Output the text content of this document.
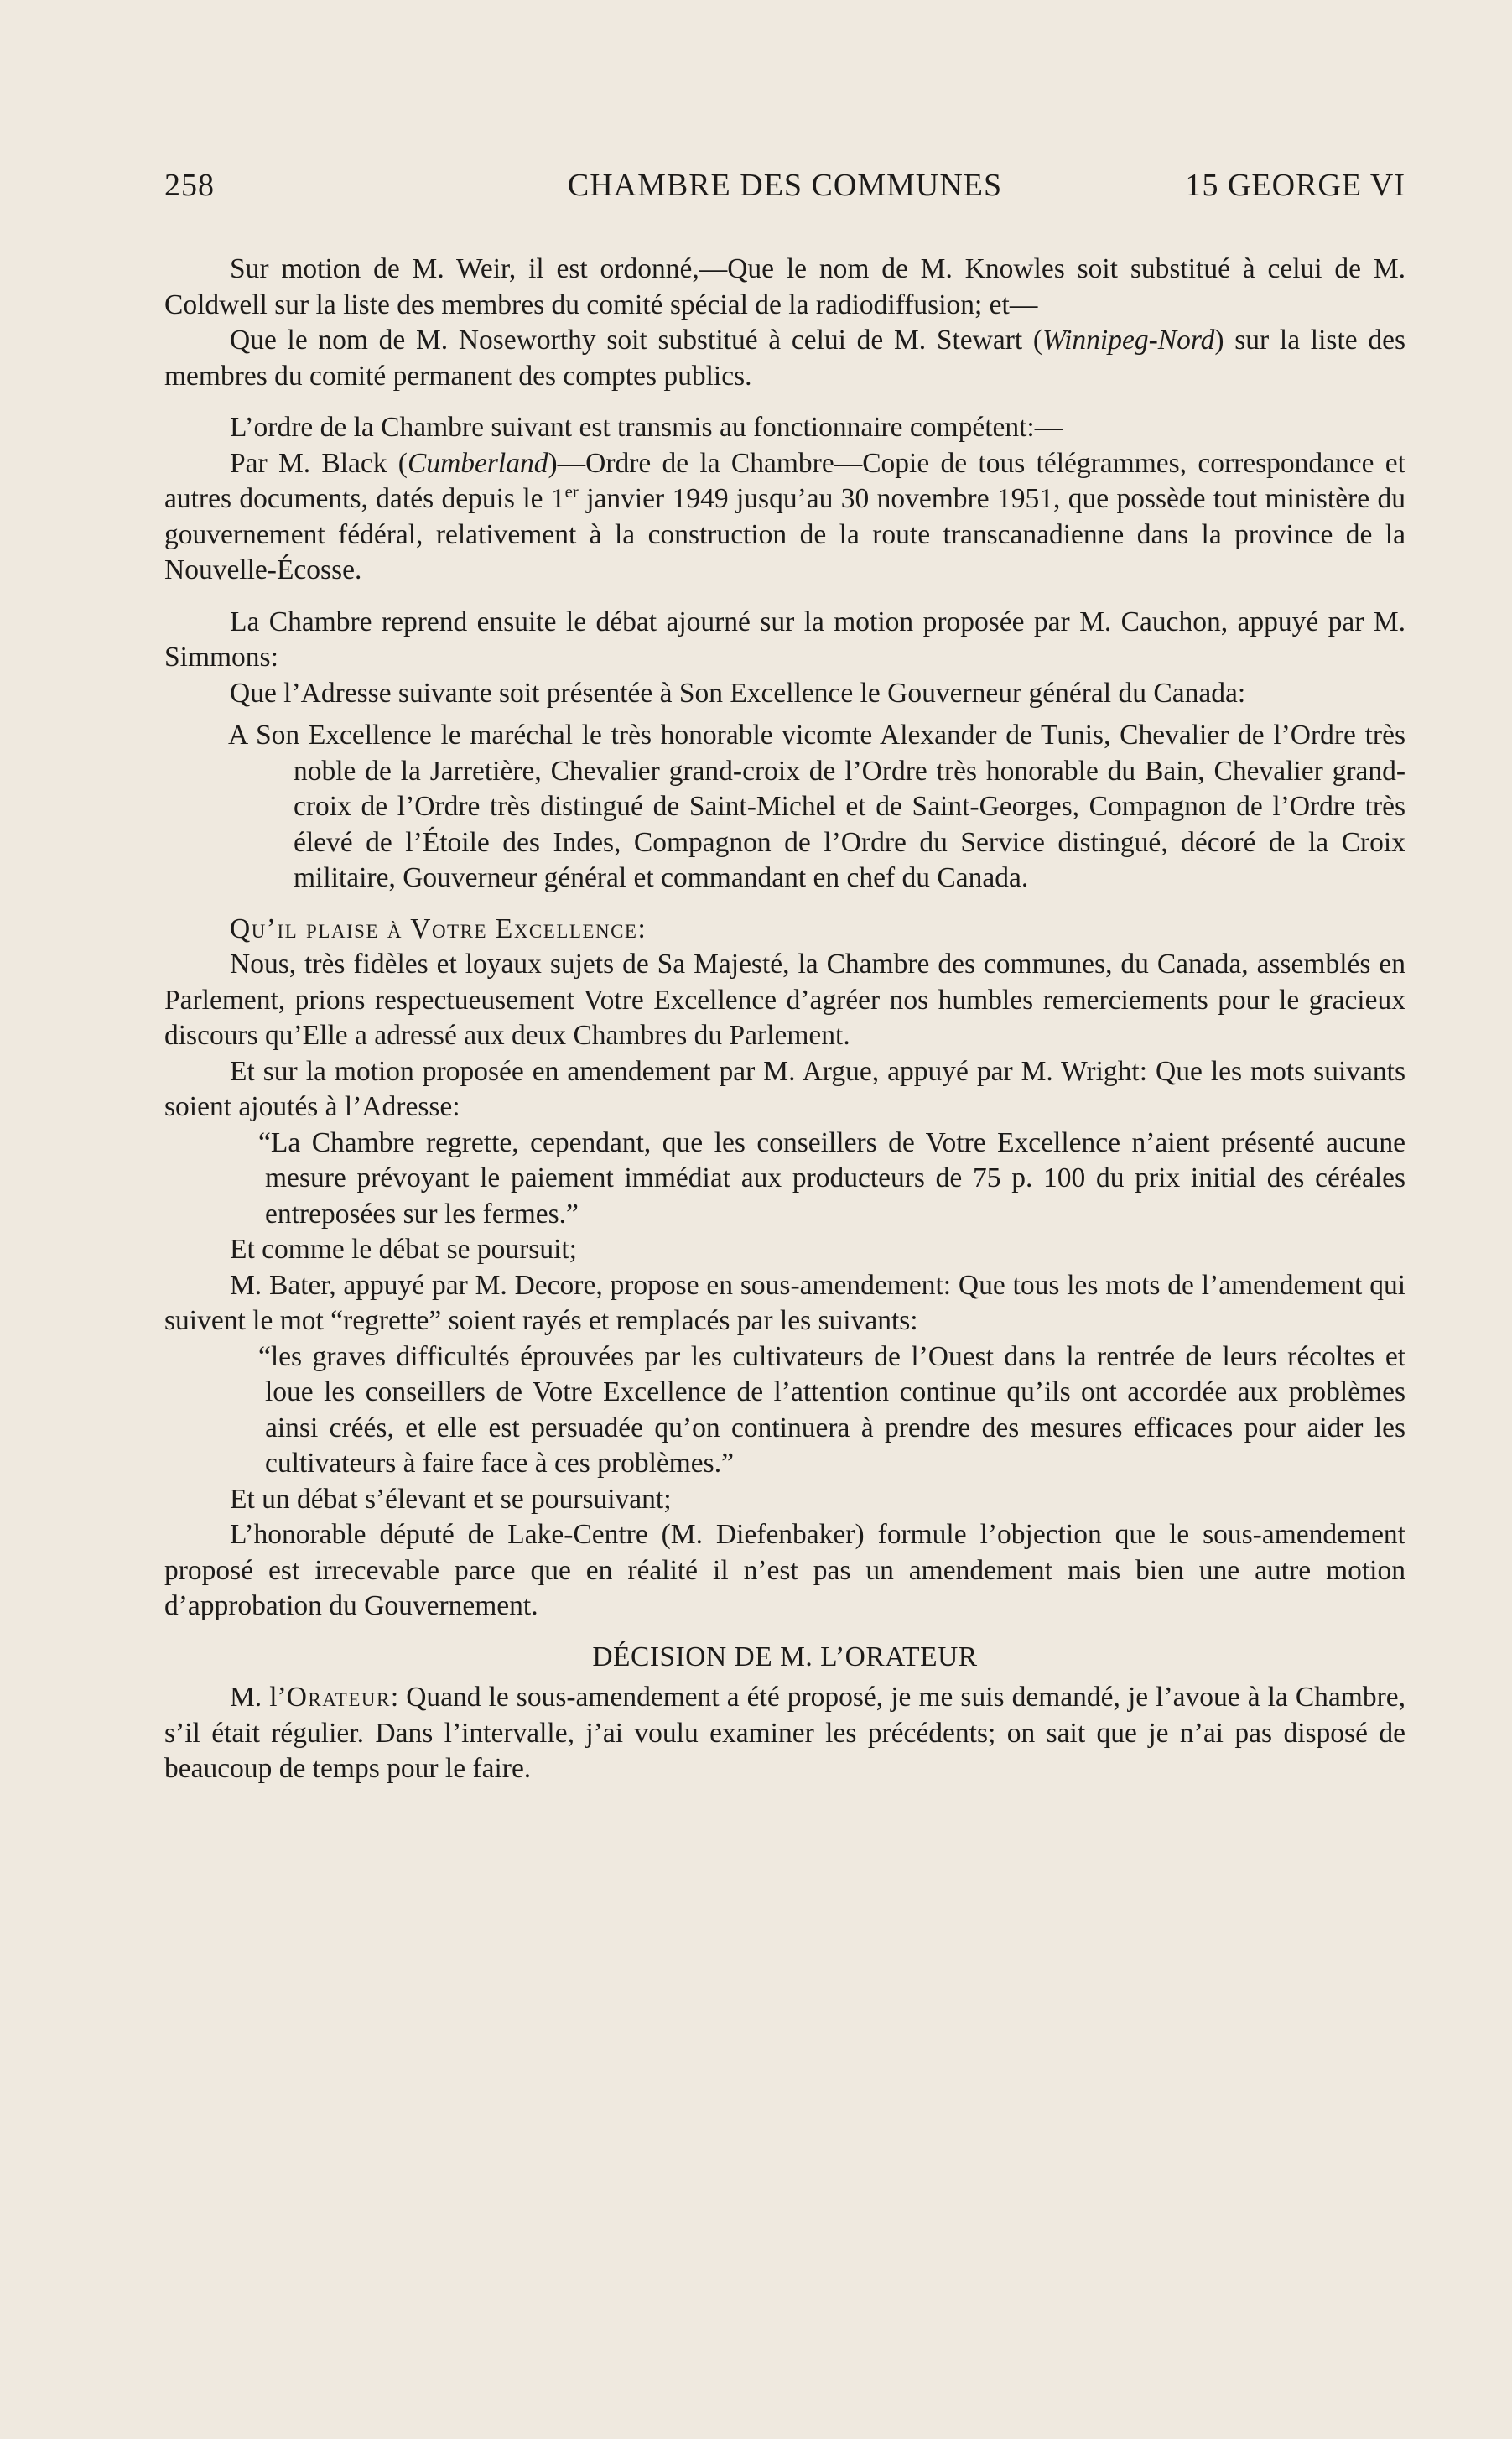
258	CHAMBRE DES COMMUNES	15 GEORGE VI

Sur motion de M. Weir, il est ordonné,—Que le nom de M. Knowles soit substitué à celui de M. Coldwell sur la liste des membres du comité spécial de la radiodiffusion; et—

Que le nom de M. Noseworthy soit substitué à celui de M. Stewart (Winnipeg-Nord) sur la liste des membres du comité permanent des comptes publics.

L’ordre de la Chambre suivant est transmis au fonctionnaire compétent:—

Par M. Black (Cumberland)—Ordre de la Chambre—Copie de tous télégrammes, correspondance et autres documents, datés depuis le 1er janvier 1949 jusqu’au 30 novembre 1951, que possède tout ministère du gouvernement fédéral, relativement à la construction de la route transcanadienne dans la province de la Nouvelle-Écosse.

La Chambre reprend ensuite le débat ajourné sur la motion proposée par M. Cauchon, appuyé par M. Simmons:

Que l’Adresse suivante soit présentée à Son Excellence le Gouverneur général du Canada:

A Son Excellence le maréchal le très honorable vicomte Alexander de Tunis, Chevalier de l’Ordre très noble de la Jarretière, Chevalier grand-croix de l’Ordre très honorable du Bain, Chevalier grand-croix de l’Ordre très distingué de Saint-Michel et de Saint-Georges, Compagnon de l’Ordre très élevé de l’Étoile des Indes, Compagnon de l’Ordre du Service distingué, décoré de la Croix militaire, Gouverneur général et commandant en chef du Canada.

Qu’il plaise à Votre Excellence:

Nous, très fidèles et loyaux sujets de Sa Majesté, la Chambre des communes, du Canada, assemblés en Parlement, prions respectueusement Votre Excellence d’agréer nos humbles remerciements pour le gracieux discours qu’Elle a adressé aux deux Chambres du Parlement.

Et sur la motion proposée en amendement par M. Argue, appuyé par M. Wright: Que les mots suivants soient ajoutés à l’Adresse:

“La Chambre regrette, cependant, que les conseillers de Votre Excellence n’aient présenté aucune mesure prévoyant le paiement immédiat aux producteurs de 75 p. 100 du prix initial des céréales entreposées sur les fermes.”

Et comme le débat se poursuit;

M. Bater, appuyé par M. Decore, propose en sous-amendement: Que tous les mots de l’amendement qui suivent le mot “regrette” soient rayés et remplacés par les suivants:

“les graves difficultés éprouvées par les cultivateurs de l’Ouest dans la rentrée de leurs récoltes et loue les conseillers de Votre Excellence de l’attention continue qu’ils ont accordée aux problèmes ainsi créés, et elle est persuadée qu’on continuera à prendre des mesures efficaces pour aider les cultivateurs à faire face à ces problèmes.”

Et un débat s’élevant et se poursuivant;

L’honorable député de Lake-Centre (M. Diefenbaker) formule l’objection que le sous-amendement proposé est irrecevable parce que en réalité il n’est pas un amendement mais bien une autre motion d’approbation du Gouvernement.

DÉCISION DE M. L’ORATEUR

M. l’Orateur: Quand le sous-amendement a été proposé, je me suis demandé, je l’avoue à la Chambre, s’il était régulier. Dans l’intervalle, j’ai voulu examiner les précédents; on sait que je n’ai pas disposé de beaucoup de temps pour le faire.
